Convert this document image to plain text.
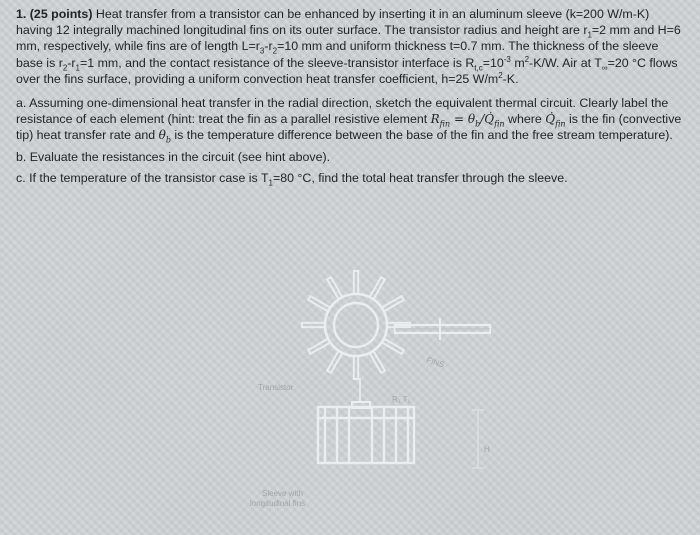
1. (25 points) Heat transfer from a transistor can be enhanced by inserting it in an aluminum sleeve (k=200 W/m-K) having 12 integrally machined longitudinal fins on its outer surface. The transistor radius and height are $r_1=2$ mm and H=6 mm, respectively, while fins are of length $L=r_3-r_2=10$ mm and uniform thickness t=0.7 mm. The thickness of the sleeve base is $r_2-r_1=1$ mm, and the contact resistance of the sleeve-transistor interface is $R_{t,c}=10^{-3}$ $m^2-K/W$. Air at $T_\infty=20$ °C flows over the fins surface, providing a uniform convection heat transfer coefficient, h=25 $W/m^2-K$.

a. Assuming one-dimensional heat transfer in the radial direction, sketch the equivalent thermal circuit. Clearly label the resistance of each element (hint: treat the fin as a parallel resistive element $R_{fin}$ = $\theta_b/Q̇_{fin}$ where $Q̇_{fin}$ is the fin (convective tip) heat transfer rate and $\theta_b$ is the temperature difference between the base of the fin and the free stream temperature).

b. Evaluate the resistances in the circuit (see hint above).

c. If the temperature of the transistor case is $T_1=80$ °C, find the total heat transfer through the sleeve.

Transistor
Sleeve with
longitudinal fins
FINS
R₁ T₁
H
